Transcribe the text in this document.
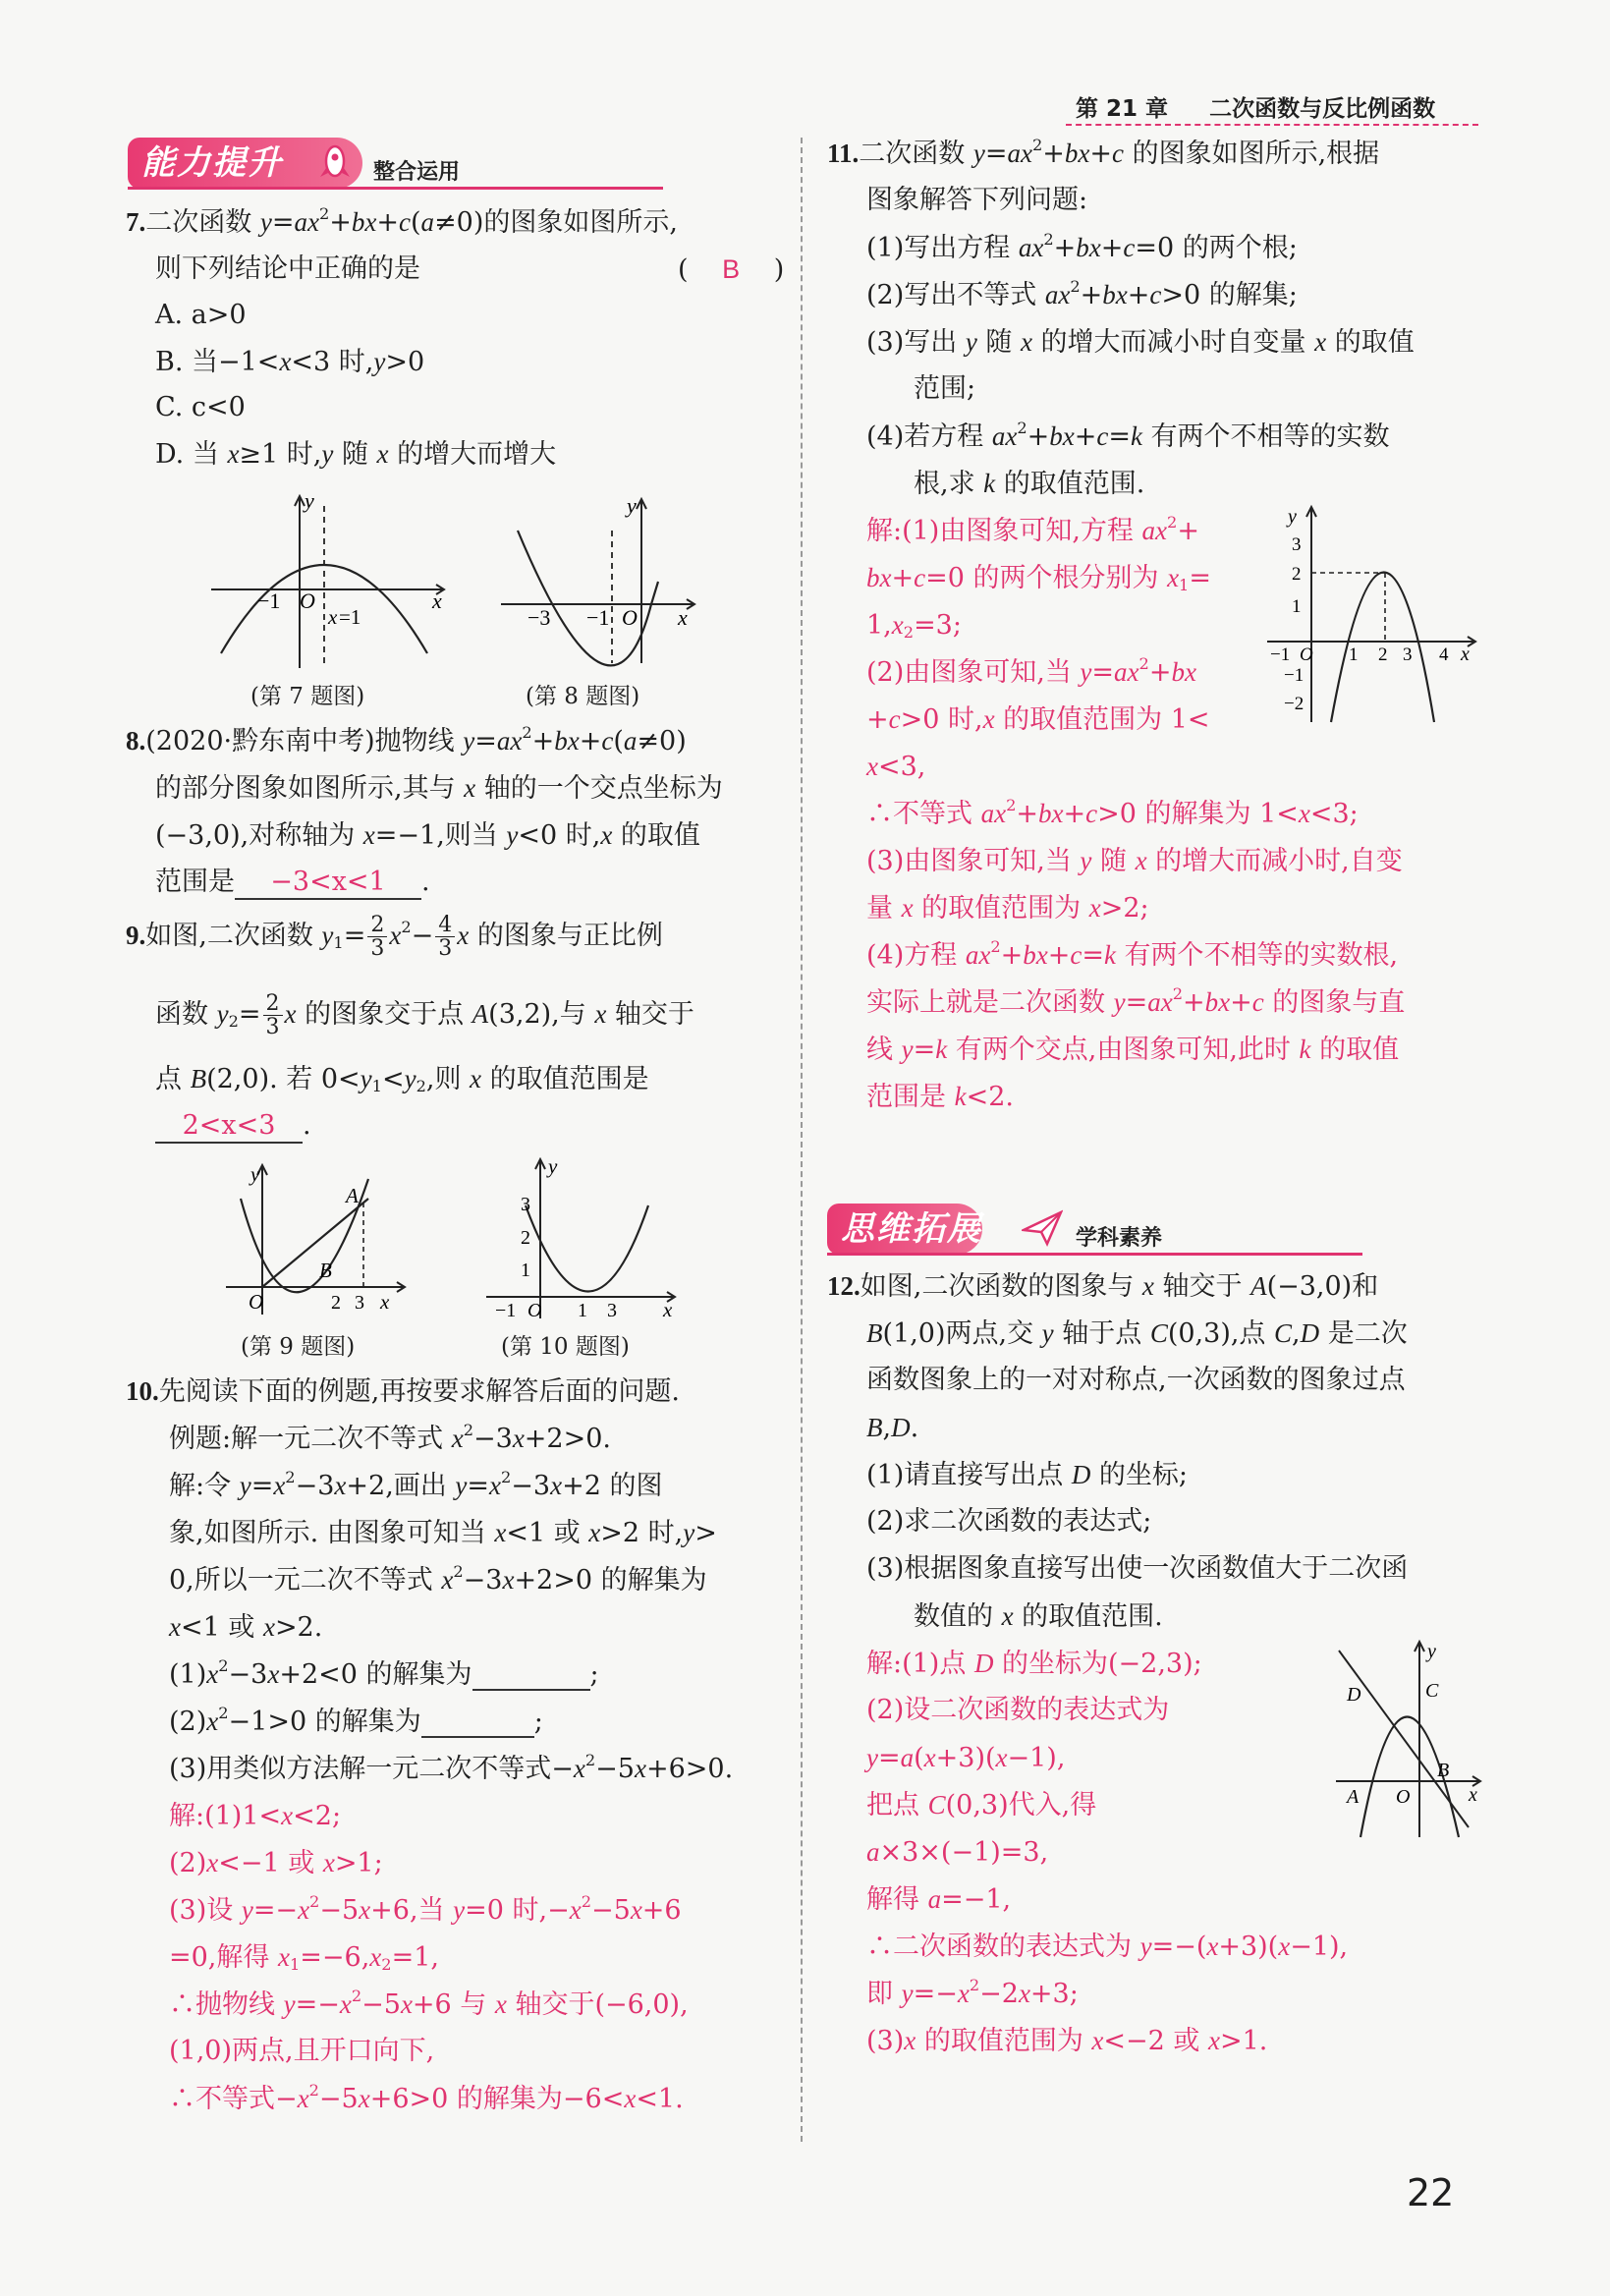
第 21 章 二次函数与反比例函数
能力提升	整合运用
7.二次函数 $y=ax^2+bx+c(a\ne 0)$的图象如图所示,
则下列结论中正确的是	( B )
A. a>0
B. 当−1<x<3 时,y>0
C. c<0
D. 当 x≥1 时,y 随 x 的增大而增大
y
x
−1 O
x =1
(第 7 题图)
y
x
−3 −1 O
(第 8 题图)
8.(2020·黔东南中考)抛物线 $y=ax^2+bx+c(a\ne 0)$
的部分图象如图所示,其与 x 轴的一个交点坐标为
(−3,0),对称轴为 x=−1,则当 y<0 时,x 的取值
范围是 −3<x<1 .
9.如图,二次函数 $y_1= \frac{2}{3} x^2- \frac{4}{3}$ x 的图象与正比例
函数 $y_2= \frac{2}{3}$ x 的图象交于点 A(3,2),与 x 轴交于
点 B(2,0). 若 $0<y_1<y_2$,则 x 的取值范围是
2<x<3 .
y
x
O
B
A
2 3
(第 9 题图)
y
x
3
2
1
−1 O 1 3
(第 10 题图)
10.先阅读下面的例题,再按要求解答后面的问题.
例题:解一元二次不等式 $x^2-3x+2>0$.
解:令 $y=x^2-3x+2$,画出 $y=x^2-3x+2$ 的图
象,如图所示. 由图象可知当 x<1 或 x>2 时,y>
0,所以一元二次不等式 $x^2-3x+2>0$ 的解集为
x<1 或 x>2.
$(1)x^2-3x+2<0$ 的解集为	;
$(2)x^2-1>0$ 的解集为	;
(3)用类似方法解一元二次不等式$-x^2-5x+6>0$.
解:(1)1<x<2;
(2)x<−1 或 x>1;
(3)设 $y=-x^2-5x+6$,当 y=0 时$,-x^2-5x+6$
=0,解得 $x_1=-6,x_2=1$,
∴抛物线 $y=-x^2-5x+6$ 与 x 轴交于(−6,0),
(1,0)两点,且开口向下,
∴不等式$-x^2-5x+6>0$ 的解集为−6<x<1.
11.二次函数 $y=ax^2+bx+c$ 的图象如图所示,根据
图象解答下列问题:
(1)写出方程 $ax^2+bx+c=0$ 的两个根;
(2)写出不等式 $ax^2+bx+c>0$ 的解集;
(3)写出 y 随 x 的增大而减小时自变量 x 的取值
范围;
(4)若方程 $ax^2+bx+c=k$ 有两个不相等的实数
根,求 k 的取值范围.
解:(1)由图象可知,方程 $ax^2+$
bx+c=0 的两个根分别为 $x_1=$
$1,x_2=3$;
(2)由图象可知,当 $y=ax^2+bx$
+c>0 时,x 的取值范围为 1<
x<3,
∴不等式 $ax^2+bx+c>0$ 的解集为 1<x<3;
(3)由图象可知,当 y 随 x 的增大而减小时,自变
量 x 的取值范围为 x>2;
(4)方程 $ax^2+bx+c=k$ 有两个不相等的实数根,
实际上就是二次函数 $y=ax^2+bx+c$ 的图象与直
线 y=k 有两个交点,由图象可知,此时 k 的取值
范围是 k<2.
y
x
3
2
1
−1 O 1 2 3 4
−1
−2
思维拓展	学科素养
12.如图,二次函数的图象与 x 轴交于 A(−3,0)和
B(1,0)两点,交 y 轴于点 C(0,3),点 C,D 是二次
函数图象上的一对对称点,一次函数的图象过点
B,D.
(1)请直接写出点 D 的坐标;
(2)求二次函数的表达式;
(3)根据图象直接写出使一次函数值大于二次函
数值的 x 的取值范围.
解:(1)点 D 的坐标为(−2,3);
(2)设二次函数的表达式为
y=a(x+3)(x−1),
把点 C(0,3)代入,得
a×3×(−1)=3,
解得 a=−1,
∴二次函数的表达式为 y=−(x+3)(x−1),
即 $y=-x^2-2x+3$;
(3)x 的取值范围为 x<−2 或 x>1.
y
x
D	C
B
A O
22
